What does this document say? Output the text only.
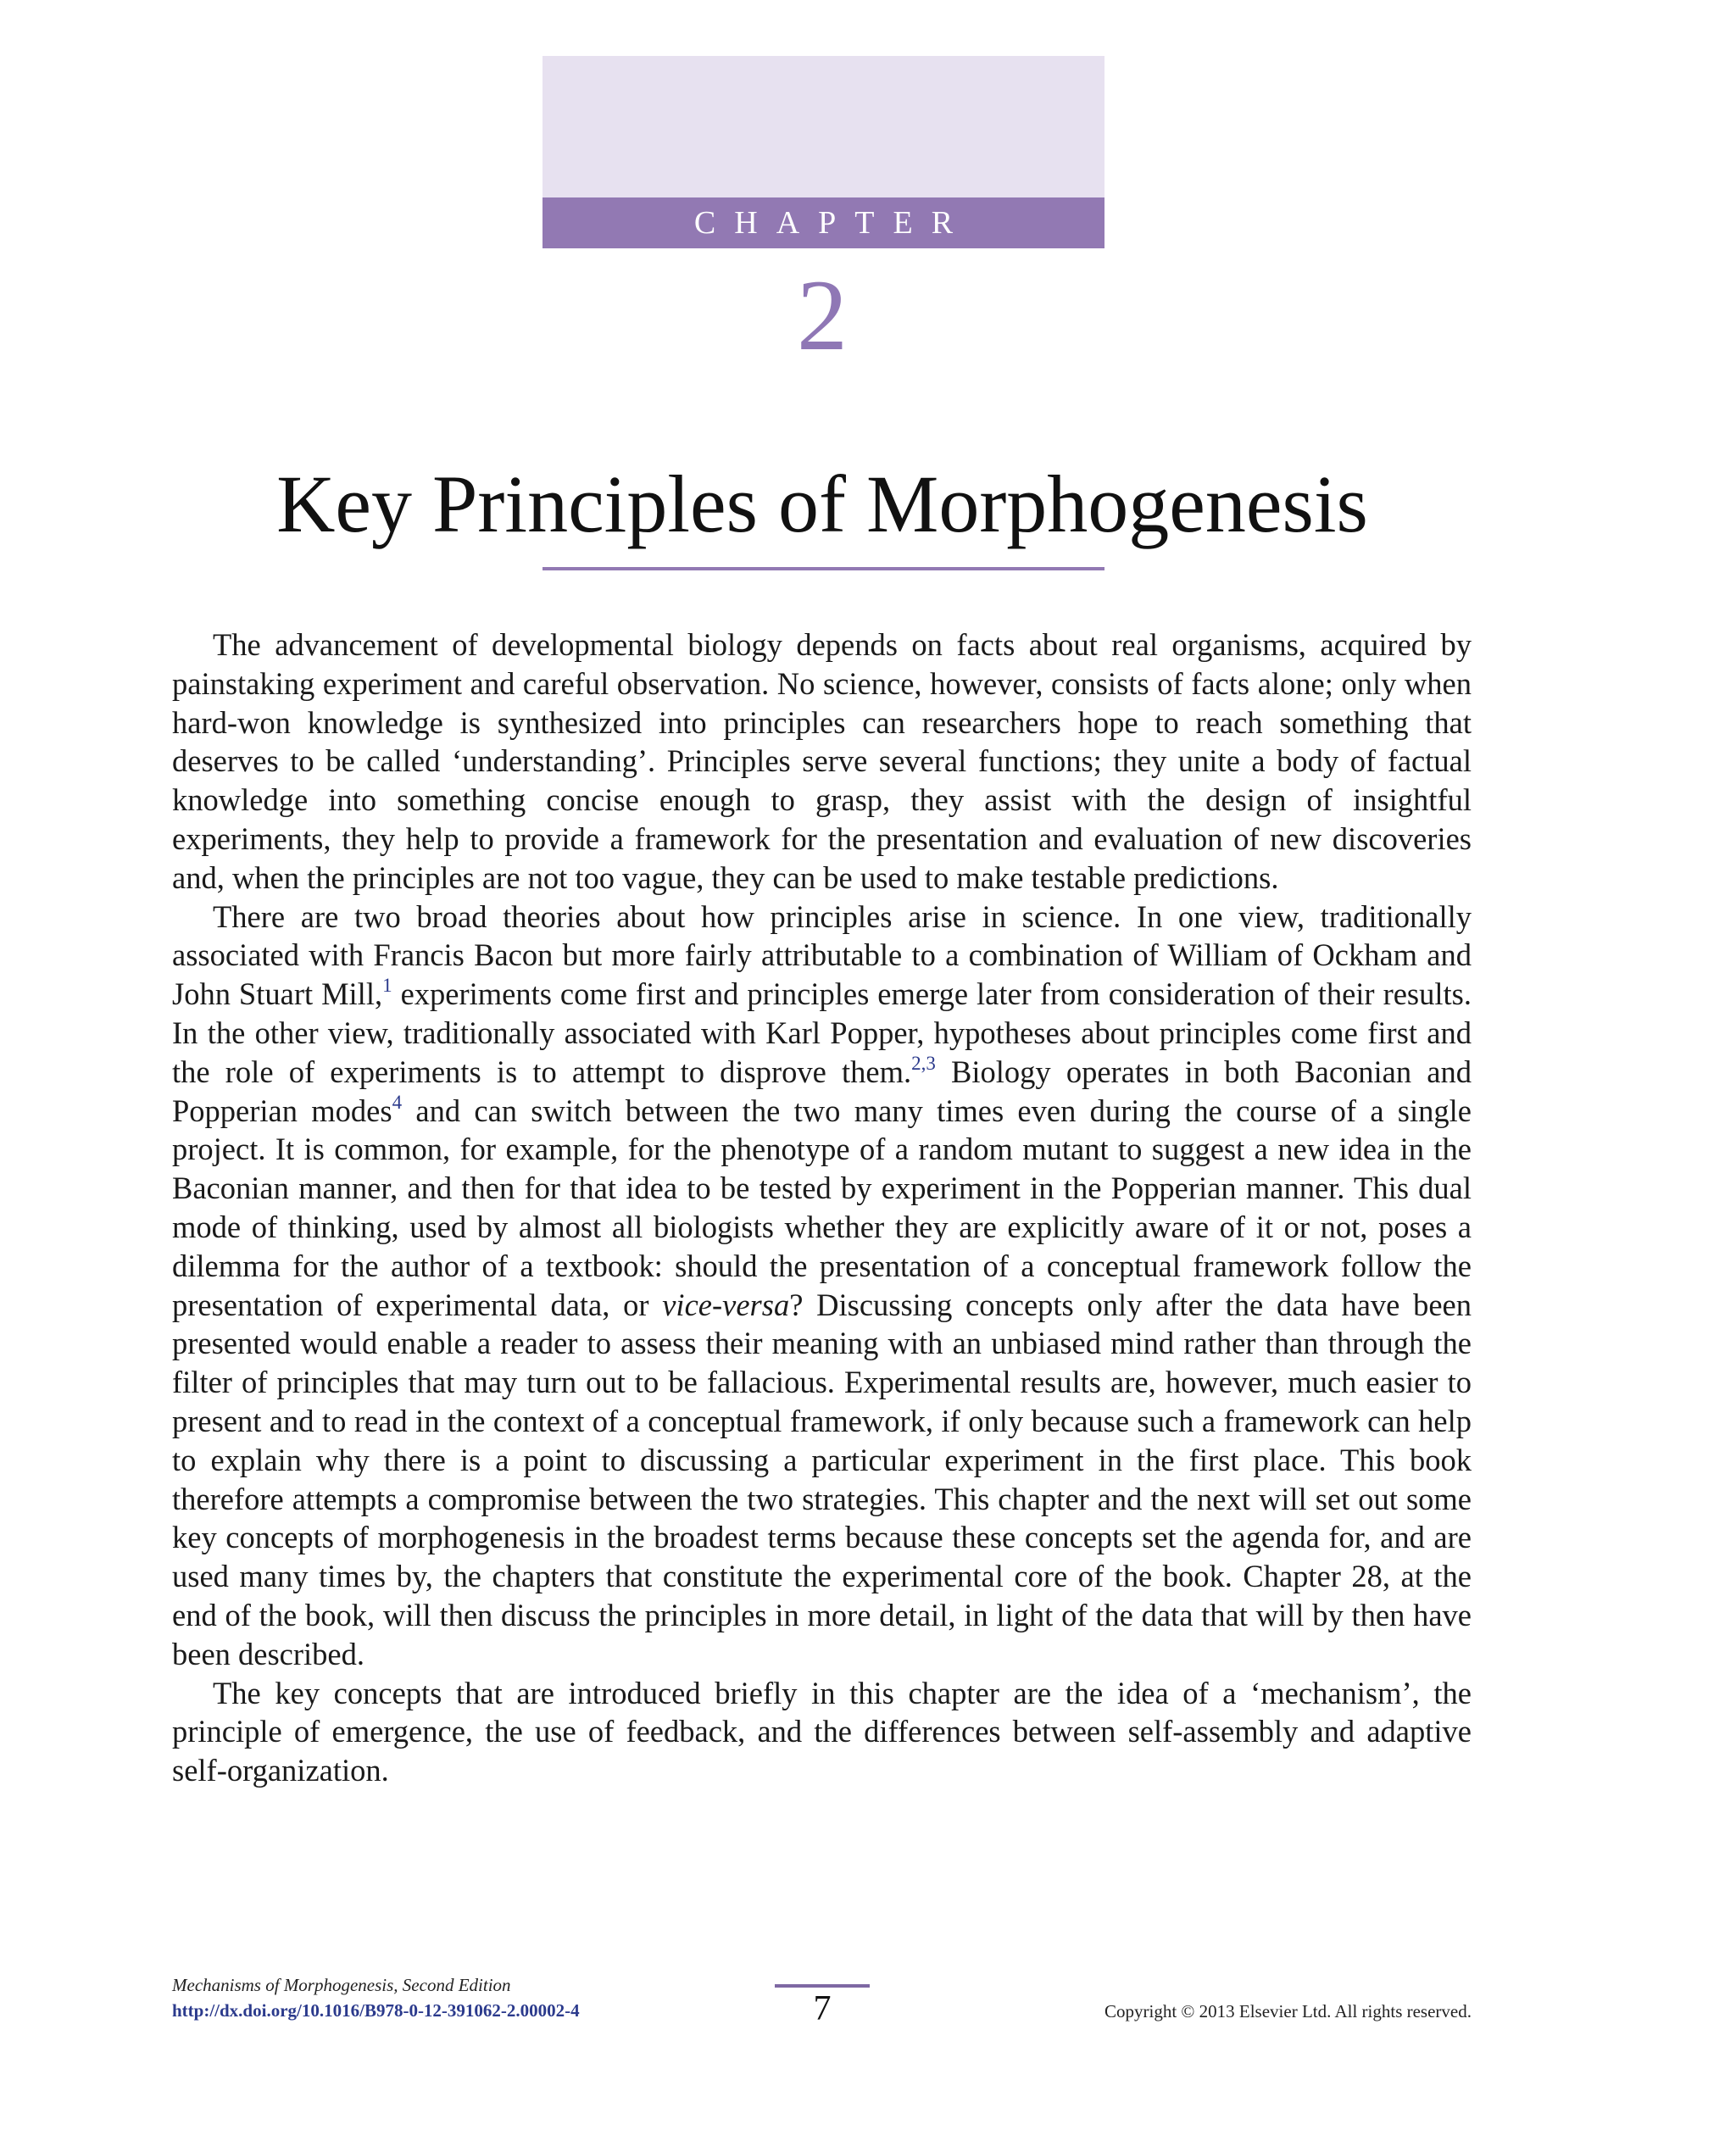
CHAPTER
2
Key Principles of Morphogenesis

The advancement of developmental biology depends on facts about real organisms, acquired by painstaking experiment and careful observation. No science, however, consists of facts alone; only when hard-won knowledge is synthesized into principles can researchers hope to reach something that deserves to be called ‘understanding’. Principles serve several functions; they unite a body of factual knowledge into something concise enough to grasp, they assist with the design of insightful experiments, they help to provide a framework for the presentation and evaluation of new discoveries and, when the principles are not too vague, they can be used to make testable predictions.

There are two broad theories about how principles arise in science. In one view, traditionally associated with Francis Bacon but more fairly attributable to a combination of William of Ockham and John Stuart Mill,$^1$ experiments come first and principles emerge later from consideration of their results. In the other view, traditionally associated with Karl Popper, hypotheses about principles come first and the role of experiments is to attempt to disprove them.$^{2,3}$ Biology operates in both Baconian and Popperian modes$^4$ and can switch between the two many times even during the course of a single project. It is common, for example, for the phenotype of a random mutant to suggest a new idea in the Baconian manner, and then for that idea to be tested by experiment in the Popperian manner. This dual mode of thinking, used by almost all biologists whether they are explicitly aware of it or not, poses a dilemma for the author of a textbook: should the presentation of a conceptual framework follow the presentation of experimental data, or vice-versa? Discussing concepts only after the data have been presented would enable a reader to assess their meaning with an unbiased mind rather than through the filter of principles that may turn out to be fallacious. Experimental results are, however, much easier to present and to read in the context of a conceptual framework, if only because such a framework can help to explain why there is a point to discussing a particular experiment in the first place. This book therefore attempts a compromise between the two strategies. This chapter and the next will set out some key concepts of morphogenesis in the broadest terms because these concepts set the agenda for, and are used many times by, the chapters that constitute the experimental core of the book. Chapter 28, at the end of the book, will then discuss the principles in more detail, in light of the data that will by then have been described.

The key concepts that are introduced briefly in this chapter are the idea of a ‘mechanism’, the principle of emergence, the use of feedback, and the differences between self-assembly and adaptive self-organization.

Mechanisms of Morphogenesis, Second Edition
http://dx.doi.org/10.1016/B978-0-12-391062-2.00002-4	7	Copyright © 2013 Elsevier Ltd. All rights reserved.
